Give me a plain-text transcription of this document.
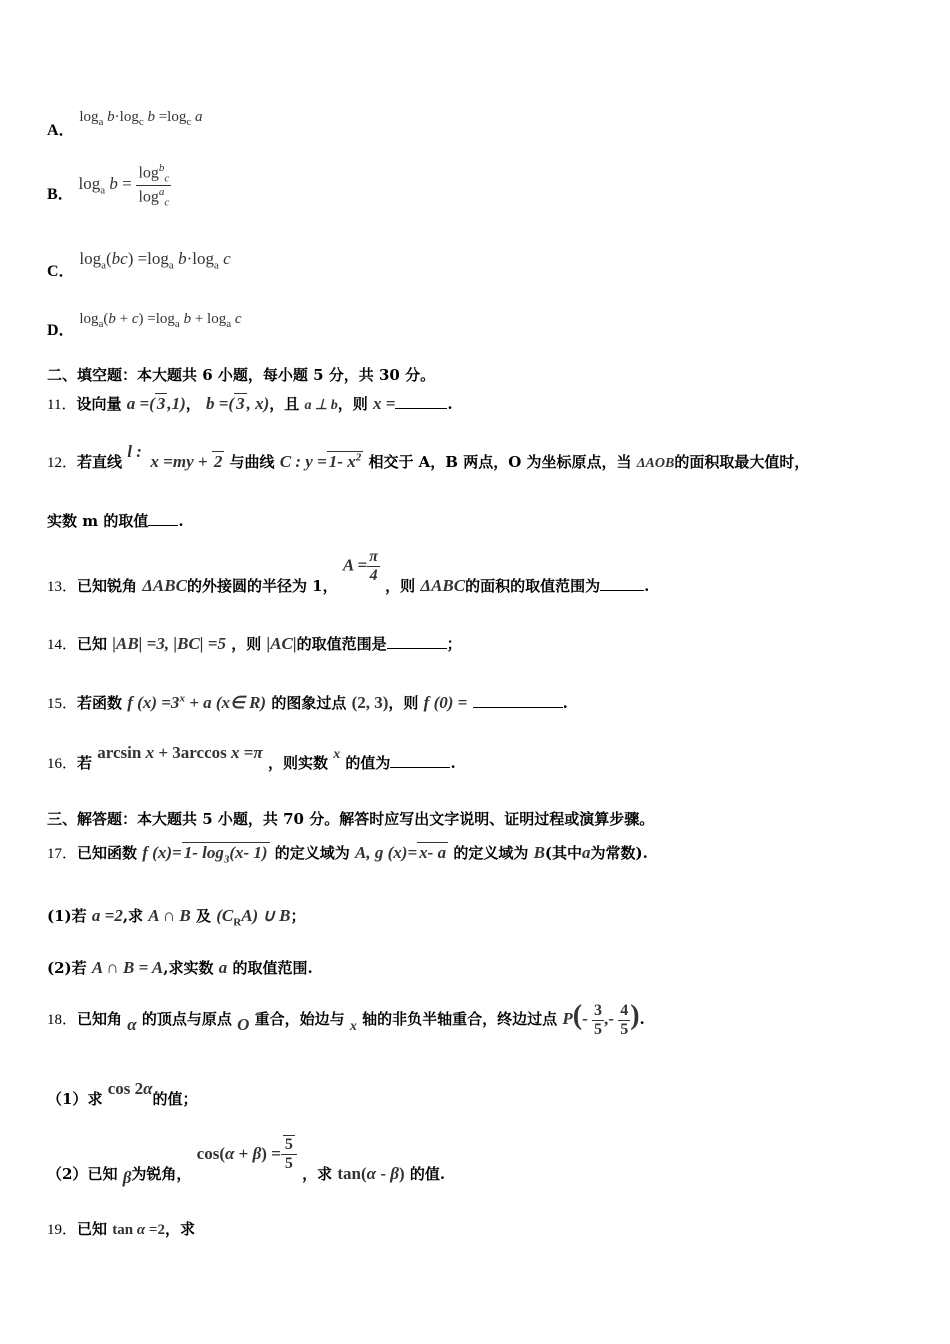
A． $\log_a b\cdot\log_c$ $b =\log_c$ a
B． $\log_a b = \frac{\log^b_c}{\log^a_c}$
C． $\log_a(bc) =\log_a$ $b\cdot\log_a$ c
D． $\log_a(b + c) =\log_a$ $b + \log_a c$
二、填空题：本大题共 6 小题，每小题 5 分，共 30 分。
11．设向量 a =( 3 ,1)， b =( 3 , x)，且 a ⊥ b，则 x =	.
12．若直线 l :  x =my + 2 与曲线 C : y = 1- $x^2$ 相交于 A，B 两点，O 为坐标原点，当 ΔAOB的面积取最大值时，
实数 m 的取值 .
13．已知锐角 ΔABC的外接圆的半径为 1， $A = \frac{\pi}{4}$
，则 ΔABC的面积的取值范围为	.
14．已知 |AB| =3, |BC| =5 ，则 |AC|的取值范围是	；
15．若函数 f $(x) =3^x + a$ (x∈ R) 的图象过点 (2, 3)，则 f (0) =	.
16．若 arcsin x + 3arccos x =π ，则实数 x 的值为	.
三、解答题：本大题共 5 小题，共 70 分。解答时应写出文字说明、证明过程或演算步骤。
17．已知函数 f (x)= 1- $\log_3(x-$ 1) 的定义域为 A, g (x)= x- a 的定义域为 B(其中a为常数).
(1)若 a =2,求 A ∩ B 及 $(C_RA)$ ∪ B；
(2)若 A ∩ B = A,求实数 a 的取值范围.
18．已知角 α 的顶点与原点 O 重合，始边与 x 轴的非负半轴重合，终边过点 $P(- \frac{3}{5}$ ,- $\frac{4}{5}$ ).
（1）求 cos 2α的值；
（2）已知 β为锐角， $\cos(\alpha + \beta) = \frac{5}{5}$
，求 tan(α - β) 的值.
19．已知 tan α =2，求
